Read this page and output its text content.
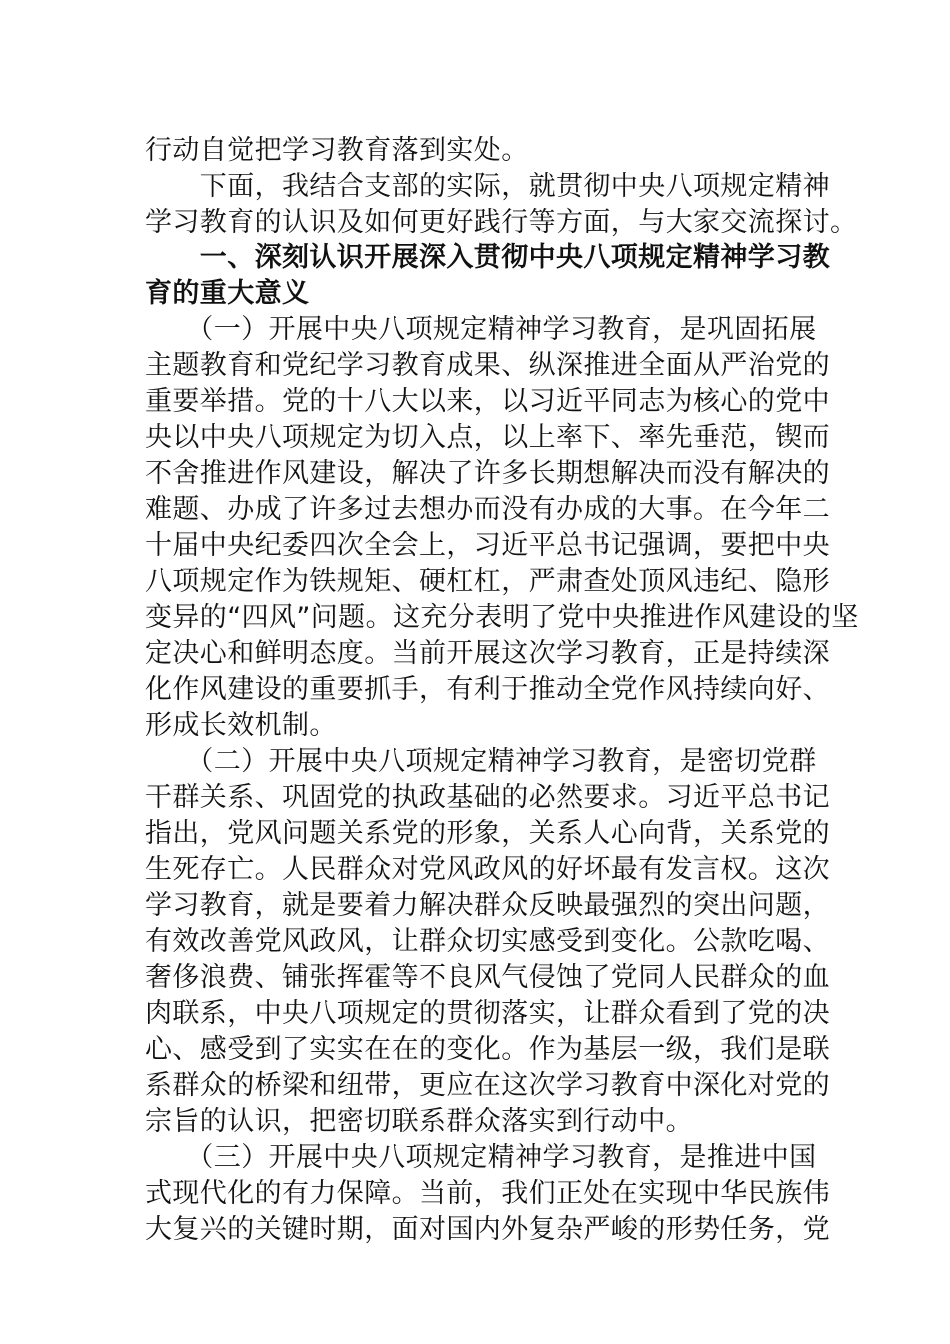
行动自觉把学习教育落到实处。
　　下面，我结合支部的实际，就贯彻中央八项规定精神
学习教育的认识及如何更好践行等方面，与大家交流探讨。
　　一、深刻认识开展深入贯彻中央八项规定精神学习教
育的重大意义
　　（一）开展中央八项规定精神学习教育，是巩固拓展
主题教育和党纪学习教育成果、纵深推进全面从严治党的
重要举措。党的十八大以来，以习近平同志为核心的党中
央以中央八项规定为切入点，以上率下、率先垂范，锲而
不舍推进作风建设，解决了许多长期想解决而没有解决的
难题、办成了许多过去想办而没有办成的大事。在今年二
十届中央纪委四次全会上，习近平总书记强调，要把中央
八项规定作为铁规矩、硬杠杠，严肃查处顶风违纪、隐形
变异的“四风”问题。这充分表明了党中央推进作风建设的坚
定决心和鲜明态度。当前开展这次学习教育，正是持续深
化作风建设的重要抓手，有利于推动全党作风持续向好、
形成长效机制。
　　（二）开展中央八项规定精神学习教育，是密切党群
干群关系、巩固党的执政基础的必然要求。习近平总书记
指出，党风问题关系党的形象，关系人心向背，关系党的
生死存亡。人民群众对党风政风的好坏最有发言权。这次
学习教育，就是要着力解决群众反映最强烈的突出问题，
有效改善党风政风，让群众切实感受到变化。公款吃喝、
奢侈浪费、铺张挥霍等不良风气侵蚀了党同人民群众的血
肉联系，中央八项规定的贯彻落实，让群众看到了党的决
心、感受到了实实在在的变化。作为基层一级，我们是联
系群众的桥梁和纽带，更应在这次学习教育中深化对党的
宗旨的认识，把密切联系群众落实到行动中。
　　（三）开展中央八项规定精神学习教育，是推进中国
式现代化的有力保障。当前，我们正处在实现中华民族伟
大复兴的关键时期，面对国内外复杂严峻的形势任务，党
